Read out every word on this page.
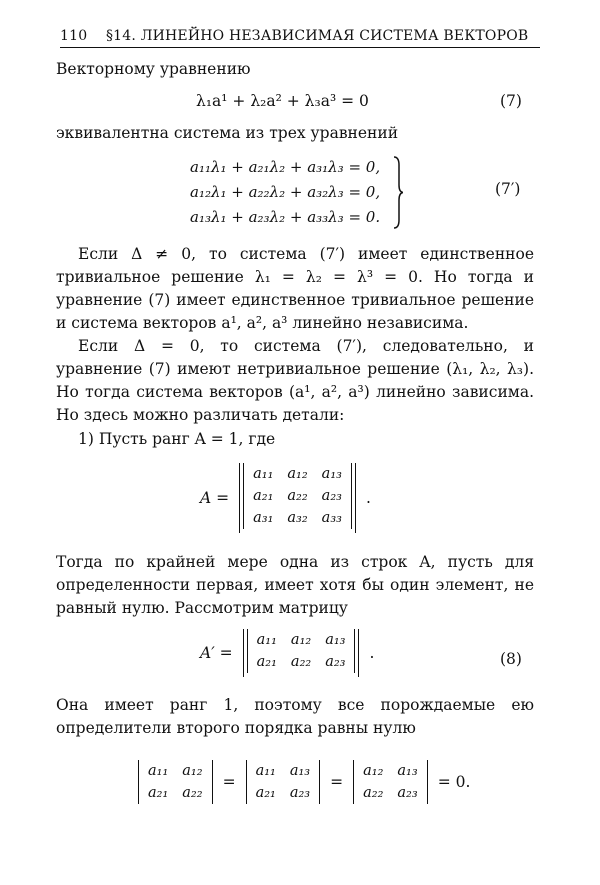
110 §14. ЛИНЕЙНО НЕЗАВИСИМАЯ СИСТЕМА ВЕКТОРОВ
Векторному уравнению
λ₁a¹ + λ₂a² + λ₃a³ = 0	(7)
эквивалентна система из трех уравнений
a₁₁λ₁ + a₂₁λ₂ + a₃₁λ₃ = 0,
a₁₂λ₁ + a₂₂λ₂ + a₃₂λ₃ = 0,
a₁₃λ₁ + a₂₃λ₂ + a₃₃λ₃ = 0.
(7′)
Если Δ ≠ 0, то система (7′) имеет единственное тривиальное решение λ₁ = λ₂ = λ³ = 0. Но тогда и уравнение (7) имеет единственное тривиальное решение и система векторов a¹, a², a³ линейно независима.
Если Δ = 0, то система (7′), следовательно, и уравнение (7) имеют нетривиальное решение (λ₁, λ₂, λ₃). Но тогда система векторов (a¹, a², a³) линейно зависима. Но здесь можно различать детали:
1) Пусть ранг A = 1, где
A =
a₁₁	a₁₂	a₁₃
a₂₁	a₂₂	a₂₃
a₃₁	a₃₂	a₃₃
.
Тогда по крайней мере одна из строк A, пусть для определенности первая, имеет хотя бы один элемент, не равный нулю. Рассмотрим матрицу
A′ =
a₁₁	a₁₂	a₁₃
a₂₁	a₂₂	a₂₃ .	(8)
Она имеет ранг 1, поэтому все порождаемые ею определители второго порядка равны нулю
a₁₁	a₁₂
a₂₁	a₂₂
=
a₁₁	a₁₃
a₂₁	a₂₃
=
a₁₂	a₁₃
a₂₂	a₂₃
= 0.
